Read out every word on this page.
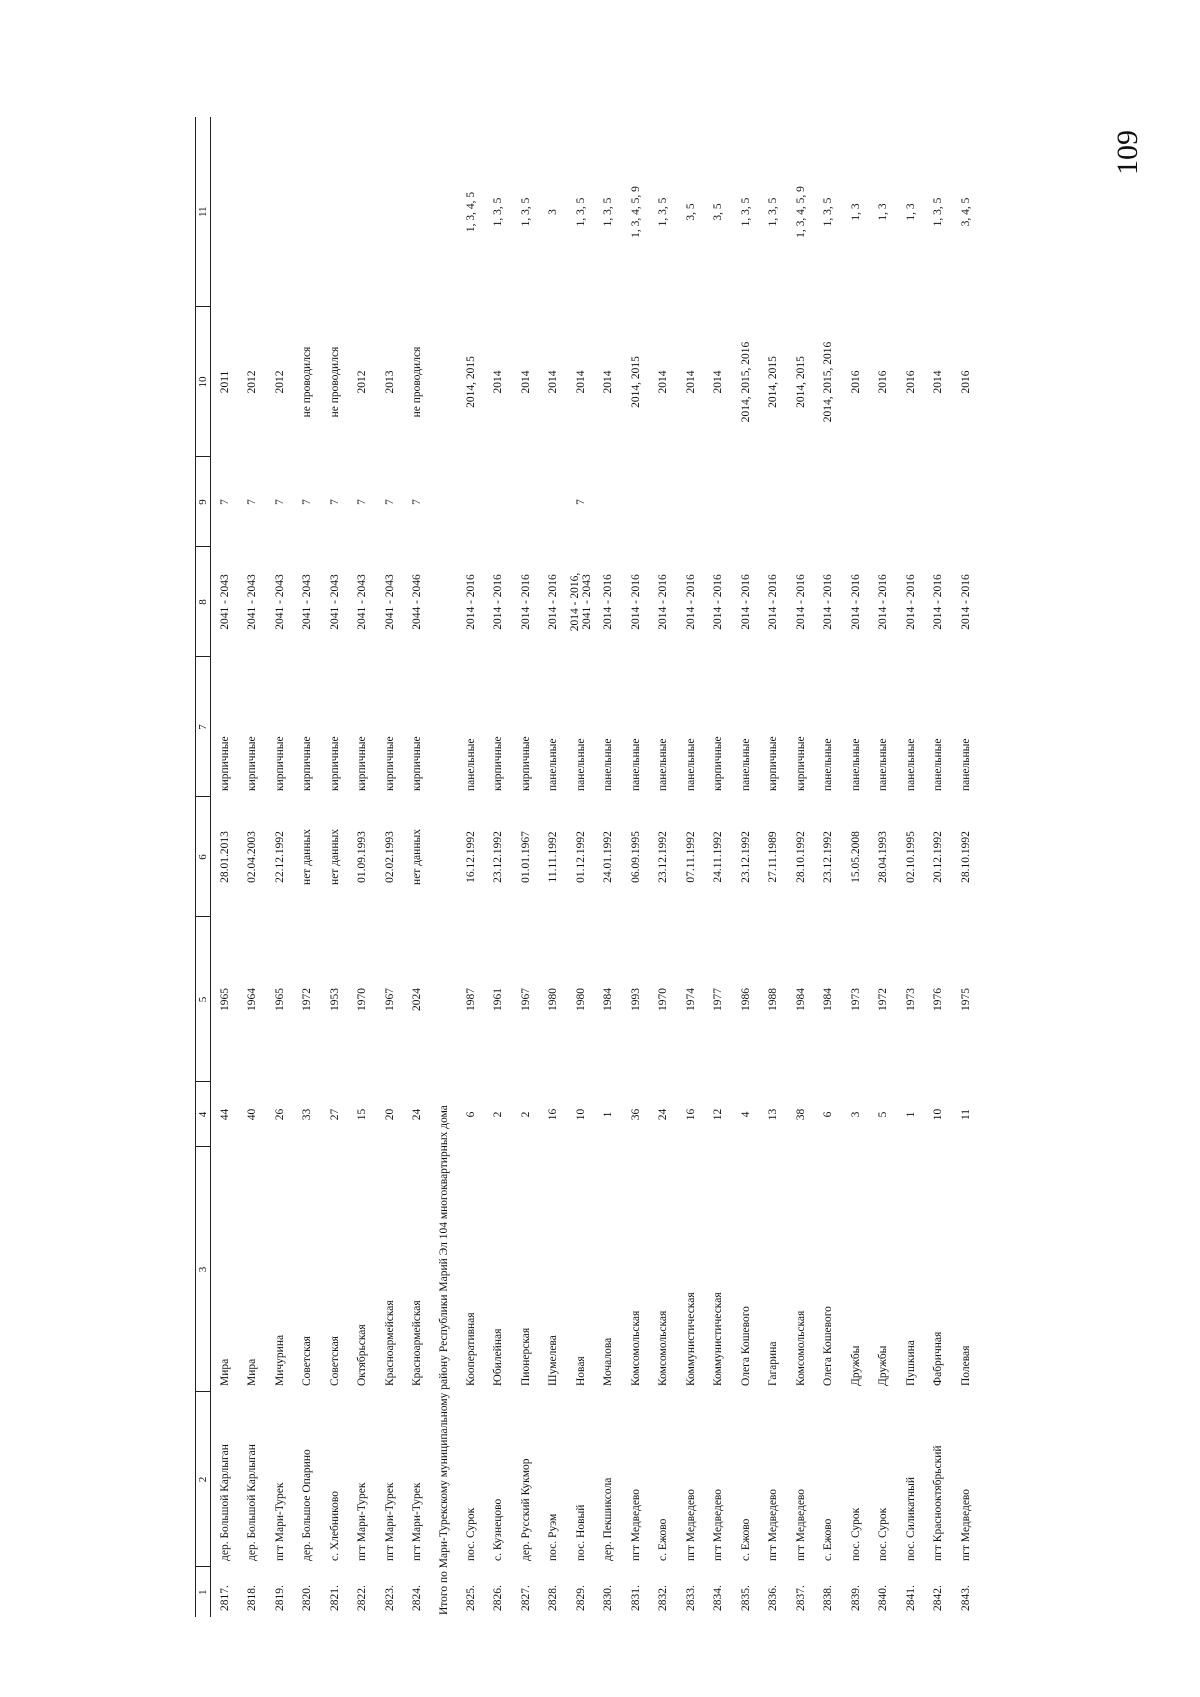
109
1	2	3	4	5	6	7	8	9	10	11
2817.	дер. Большой Карлыган	Мира	44	1965	28.01.2013	кирпичные	2041 - 2043	7	2011	
2818.	дер. Большой Карлыган	Мира	40	1964	02.04.2003	кирпичные	2041 - 2043	7	2012	
2819.	пгт Мари-Турек	Мичурина	26	1965	22.12.1992	кирпичные	2041 - 2043	7	2012	
2820.	дер. Большое Опарино	Советская	33	1972	нет данных	кирпичные	2041 - 2043	7	не проводился	
2821.	с. Хлебниково	Советская	27	1953	нет данных	кирпичные	2041 - 2043	7	не проводился	
2822.	пгт Мари-Турек	Октябрьская	15	1970	01.09.1993	кирпичные	2041 - 2043	7	2012	
2823.	пгт Мари-Турек	Красноармейская	20	1967	02.02.1993	кирпичные	2041 - 2043	7	2013	
2824.	пгт Мари-Турек	Красноармейская	24	2024	нет данных	кирпичные	2044 - 2046	7	не проводился	
Итого по Мари-Турекскому муниципальному району Республики Марий Эл 104 многоквартирных дома										
2825.	пос. Сурок	Кооперативная	6	1987	16.12.1992	панельные	2014 - 2016		2014, 2015	1, 3, 4, 5
2826.	с. Кузнецово	Юбилейная	2	1961	23.12.1992	кирпичные	2014 - 2016		2014	1, 3, 5
2827.	дер. Русский Кукмор	Пионерская	2	1967	01.01.1967	кирпичные	2014 - 2016		2014	1, 3, 5
2828.	пос. Руэм	Шумелева	16	1980	11.11.1992	панельные	2014 - 2016		2014	3
2829.	пос. Новый	Новая	10	1980	01.12.1992	панельные	2014 - 2016,
2041 - 2043	7	2014	1, 3, 5
2830.	дер. Пекшиксола	Мочалова	1	1984	24.01.1992	панельные	2014 - 2016		2014	1, 3, 5
2831.	пгт Медведево	Комсомольская	36	1993	06.09.1995	панельные	2014 - 2016		2014, 2015	1, 3, 4, 5, 9
2832.	с. Ежово	Комсомольская	24	1970	23.12.1992	панельные	2014 - 2016		2014	1, 3, 5
2833.	пгт Медведево	Коммунистическая	16	1974	07.11.1992	панельные	2014 - 2016		2014	3, 5
2834.	пгт Медведево	Коммунистическая	12	1977	24.11.1992	кирпичные	2014 - 2016		2014	3, 5
2835.	с. Ежово	Олега Кошевого	4	1986	23.12.1992	панельные	2014 - 2016		2014, 2015, 2016	1, 3, 5
2836.	пгт Медведево	Гагарина	13	1988	27.11.1989	кирпичные	2014 - 2016		2014, 2015	1, 3, 5
2837.	пгт Медведево	Комсомольская	38	1984	28.10.1992	кирпичные	2014 - 2016		2014, 2015	1, 3, 4, 5, 9
2838.	с. Ежово	Олега Кошевого	6	1984	23.12.1992	панельные	2014 - 2016		2014, 2015, 2016	1, 3, 5
2839.	пос. Сурок	Дружбы	3	1973	15.05.2008	панельные	2014 - 2016		2016	1, 3
2840.	пос. Сурок	Дружбы	5	1972	28.04.1993	панельные	2014 - 2016		2016	1, 3
2841.	пос. Силикатный	Пушкина	1	1973	02.10.1995	панельные	2014 - 2016		2016	1, 3
2842.	пгт Краснооктябрьский	Фабричная	10	1976	20.12.1992	панельные	2014 - 2016		2014	1, 3, 5
2843.	пгт Медведево	Полевая	11	1975	28.10.1992	панельные	2014 - 2016		2016	3, 4, 5
